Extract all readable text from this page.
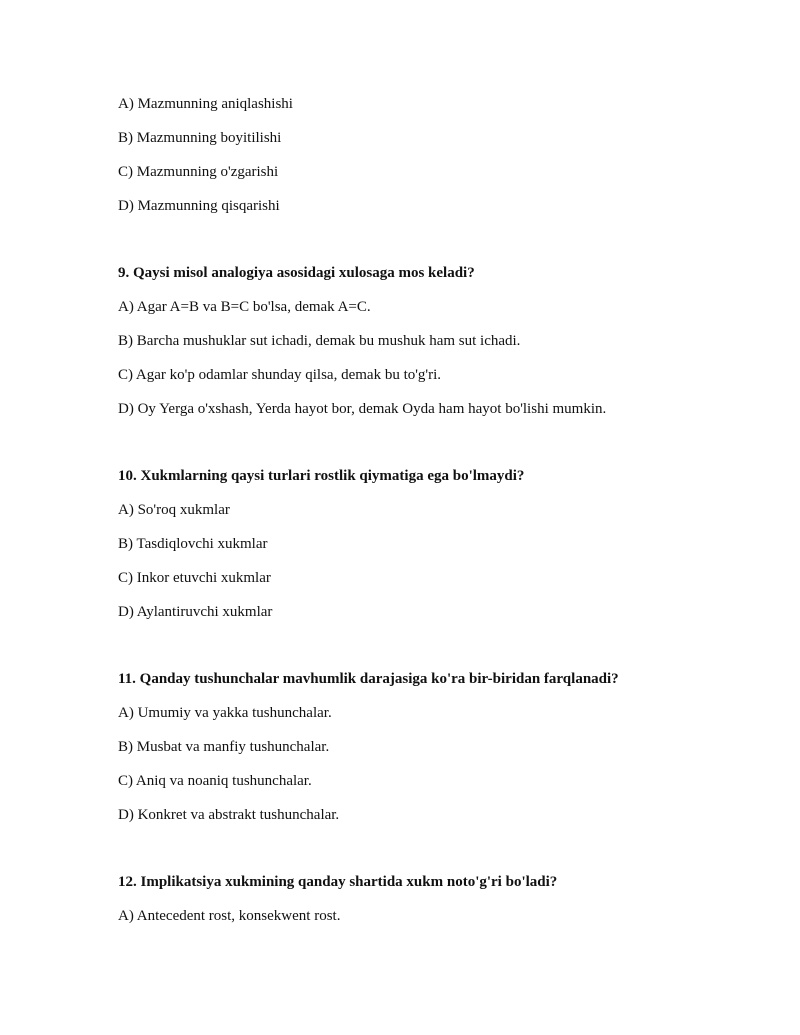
A) Mazmunning aniqlashishi
B) Mazmunning boyitilishi
C) Mazmunning o'zgarishi
D) Mazmunning qisqarishi
9. Qaysi misol analogiya asosidagi xulosaga mos keladi?
A) Agar A=B va B=C bo'lsa, demak A=C.
B) Barcha mushuklar sut ichadi, demak bu mushuk ham sut ichadi.
C) Agar ko'p odamlar shunday qilsa, demak bu to'g'ri.
D) Oy Yerga o'xshash, Yerda hayot bor, demak Oyda ham hayot bo'lishi mumkin.
10. Xukmlarning qaysi turlari rostlik qiymatiga ega bo'lmaydi?
A) So'roq xukmlar
B) Tasdiqlovchi xukmlar
C) Inkor etuvchi xukmlar
D) Aylantiruvchi xukmlar
11. Qanday tushunchalar mavhumlik darajasiga ko'ra bir-biridan farqlanadi?
A) Umumiy va yakka tushunchalar.
B) Musbat va manfiy tushunchalar.
C) Aniq va noaniq tushunchalar.
D) Konkret va abstrakt tushunchalar.
12. Implikatsiya xukmining qanday shartida xukm noto'g'ri bo'ladi?
A) Antecedent rost, konsekwent rost.
